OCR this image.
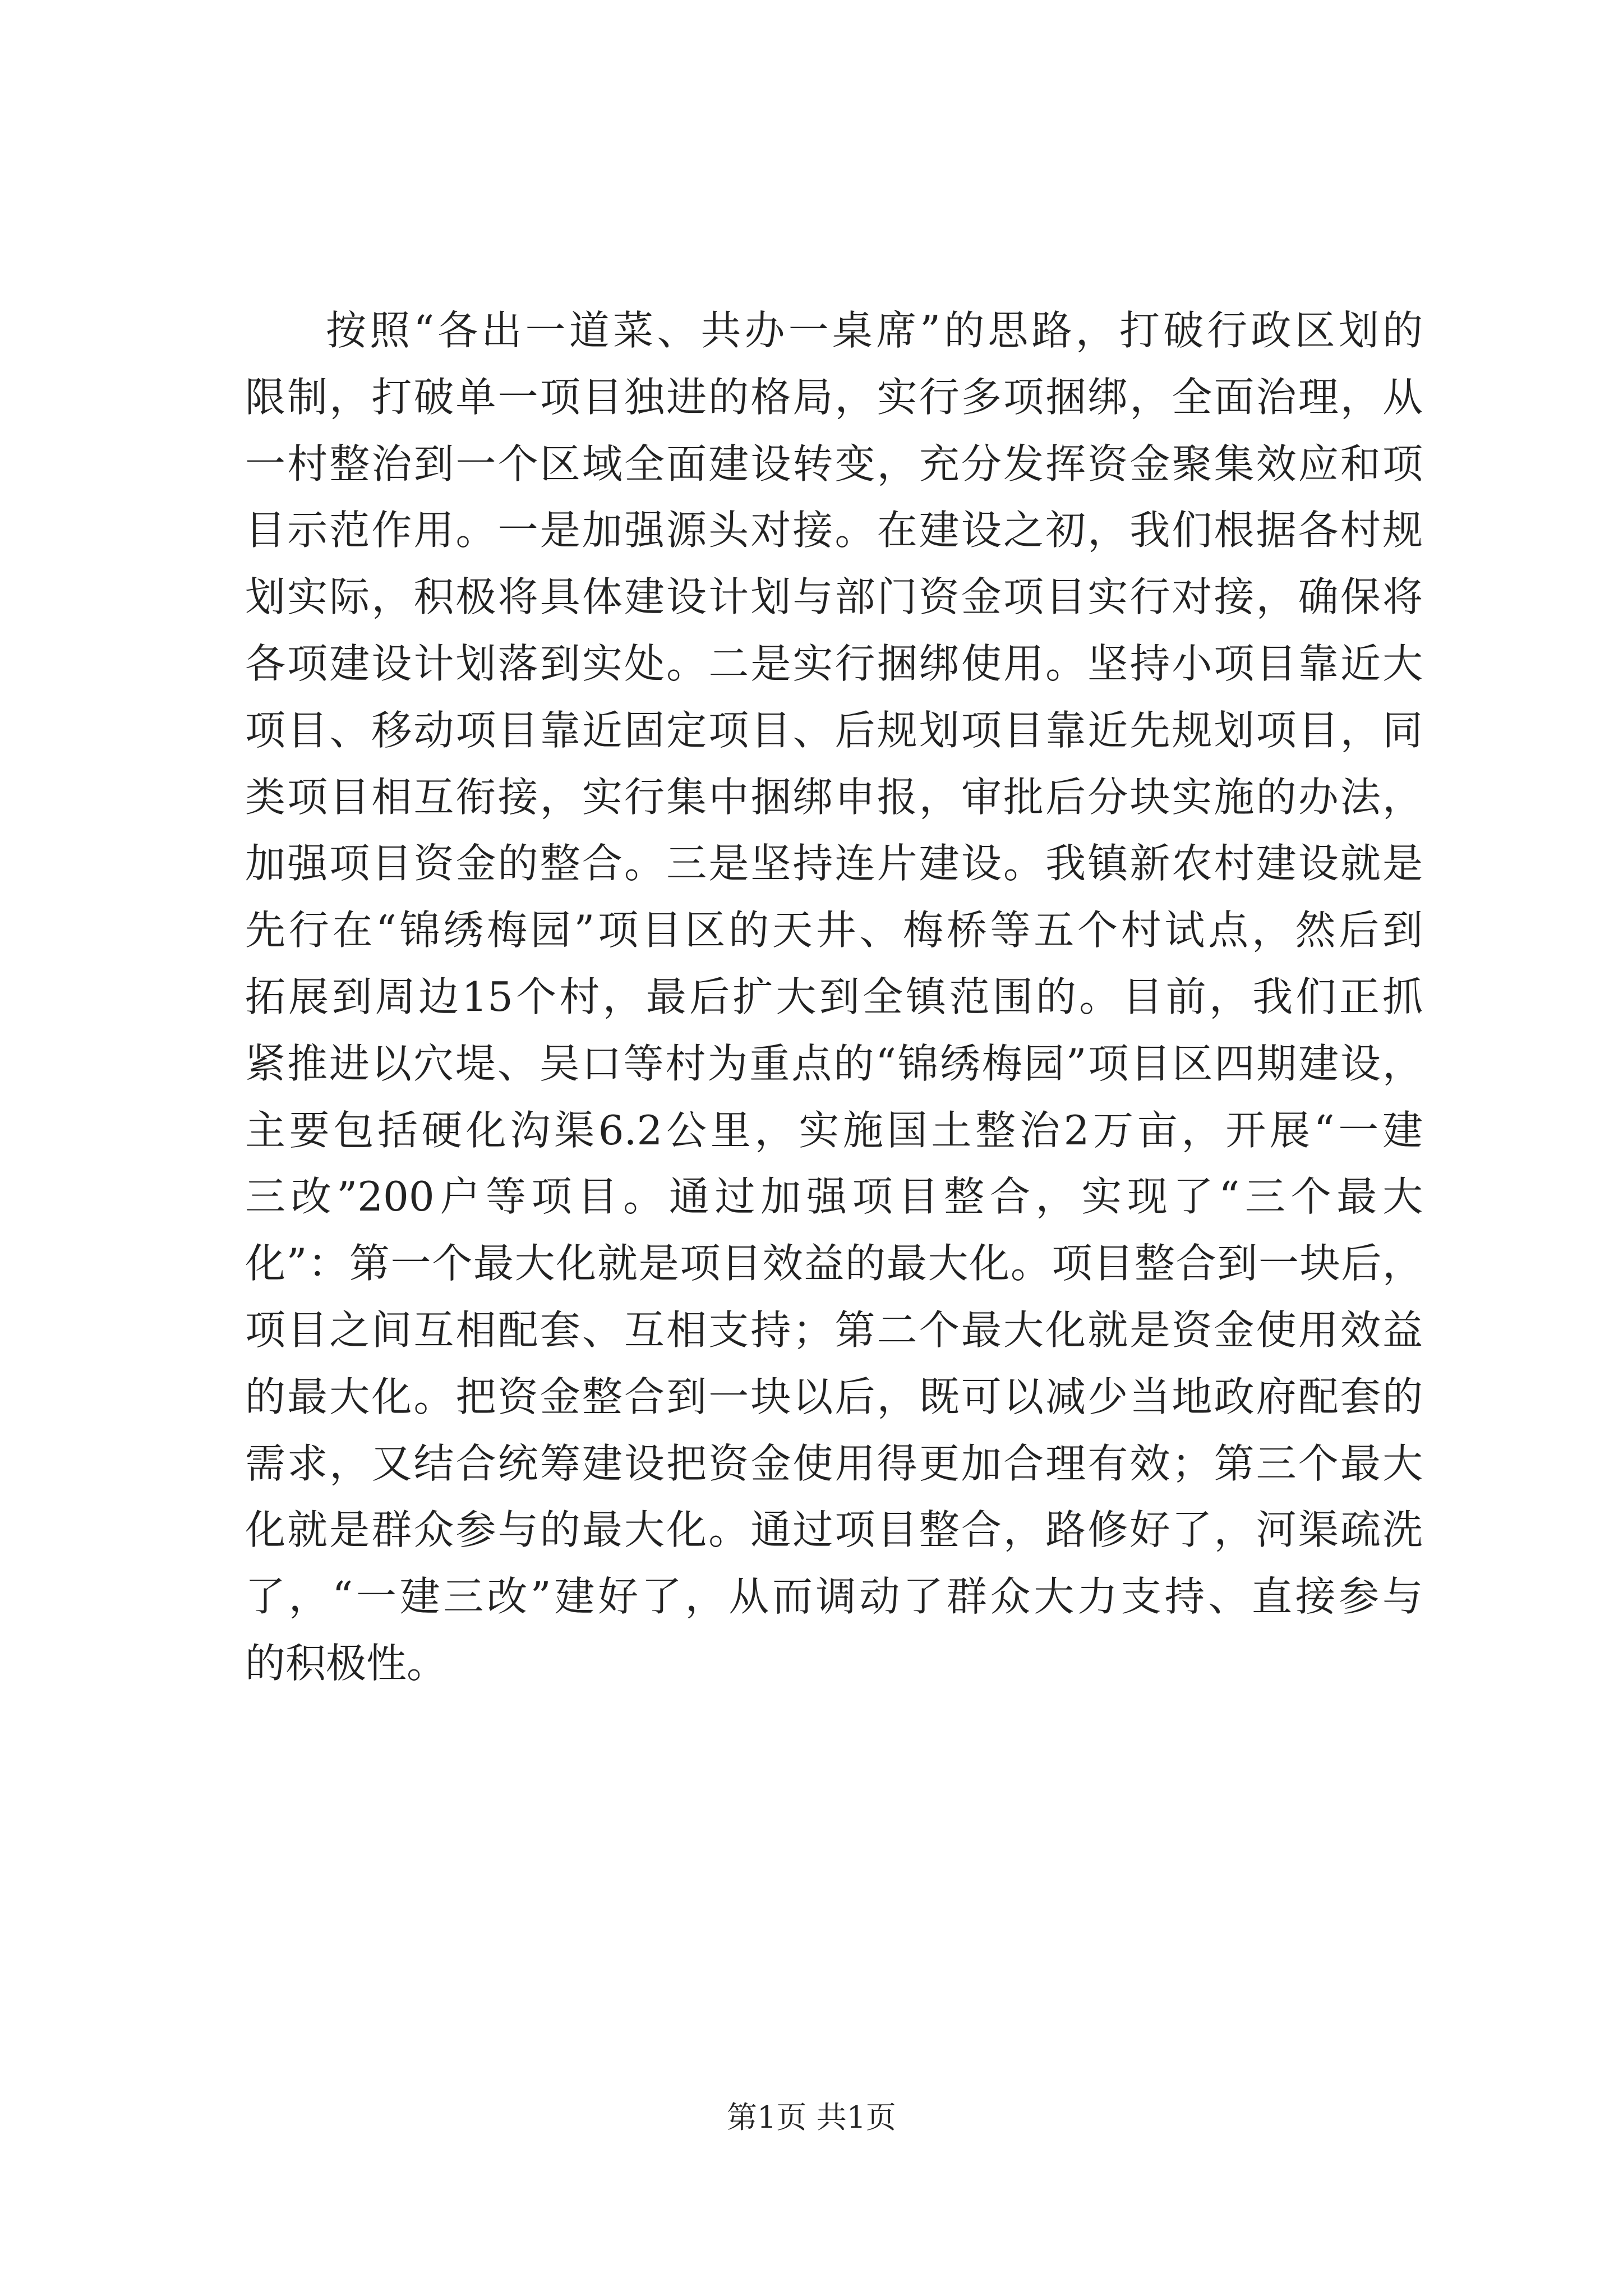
按照“各出一道菜、共办一桌席”的思路，打破行政区划的
限制，打破单一项目独进的格局，实行多项捆绑，全面治理，从
一村整治到一个区域全面建设转变，充分发挥资金聚集效应和项
目示范作用。一是加强源头对接。在建设之初，我们根据各村规
划实际，积极将具体建设计划与部门资金项目实行对接，确保将
各项建设计划落到实处。二是实行捆绑使用。坚持小项目靠近大
项目、移动项目靠近固定项目、后规划项目靠近先规划项目，同
类项目相互衔接，实行集中捆绑申报，审批后分块实施的办法，
加强项目资金的整合。三是坚持连片建设。我镇新农村建设就是
先行在“锦绣梅园”项目区的天井、梅桥等五个村试点，然后到
拓展到周边15个村，最后扩大到全镇范围的。目前，我们正抓
紧推进以穴堤、吴口等村为重点的“锦绣梅园”项目区四期建设，
主要包括硬化沟渠6.2公里，实施国土整治2万亩，开展“一建
三改”200户等项目。通过加强项目整合，实现了“三个最大
化”：第一个最大化就是项目效益的最大化。项目整合到一块后，
项目之间互相配套、互相支持；第二个最大化就是资金使用效益
的最大化。把资金整合到一块以后，既可以减少当地政府配套的
需求，又结合统筹建设把资金使用得更加合理有效；第三个最大
化就是群众参与的最大化。通过项目整合，路修好了，河渠疏洗
了，“一建三改”建好了，从而调动了群众大力支持、直接参与
的积极性。
第1页 共1页
